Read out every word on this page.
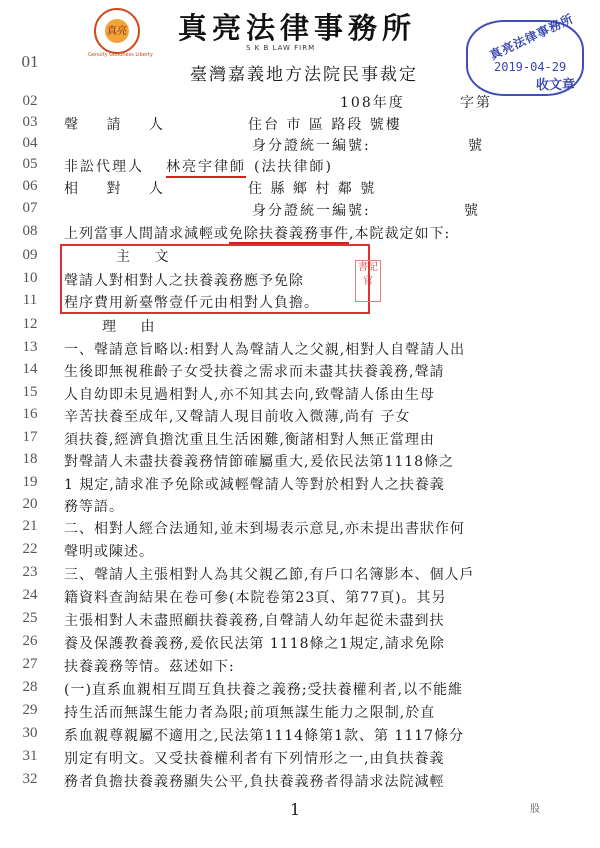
真亮
Genuity Goodness Liberty
真亮法律事務所
S K B LAW FIRM	真亮法律事務所
2019-04-29
收文章
01
02
03
04
05
06
07
08
09
10
11
12
13
14
15
16
17
18
19
20
21
22
23
24
25
26
27
28
29
30
31
32
臺灣嘉義地方法院民事裁定
108年度	字第
聲 請 人	住台 市 區 路段 號樓
身分證統一編號:	號
非訟代理人 林亮宇律師 (法扶律師)
相 對 人	住 縣 鄉 村 鄰 號
身分證統一編號:	號
上列當事人間請求減輕或免除扶養義務事件,本院裁定如下:
主 文
聲請人對相對人之扶養義務應予免除
程序費用新臺幣壹仟元由相對人負擔。
書記官
理 由
一、聲請意旨略以:相對人為聲請人之父親,相對人自聲請人出
生後即無視稚齡子女受扶養之需求而未盡其扶養義務,聲請
人自幼即未見過相對人,亦不知其去向,致聲請人係由生母
辛苦扶養至成年,又聲請人現目前收入微薄,尚有 子女
須扶養,經濟負擔沈重且生活困難,衡諸相對人無正當理由
對聲請人未盡扶養義務情節確屬重大,爰依民法第1118條之
1 規定,請求准予免除或減輕聲請人等對於相對人之扶養義
務等語。
二、相對人經合法通知,並未到場表示意見,亦未提出書狀作何
聲明或陳述。
三、聲請人主張相對人為其父親乙節,有戶口名簿影本、個人戶
籍資料查詢結果在卷可參(本院卷第23頁、第77頁)。其另
主張相對人未盡照顧扶養義務,自聲請人幼年起從未盡到扶
養及保護教養義務,爰依民法第 1118條之1規定,請求免除
扶養義務等情。茲述如下:
(一)直系血親相互間互負扶養之義務;受扶養權利者,以不能維
持生活而無謀生能力者為限;前項無謀生能力之限制,於直
系血親尊親屬不適用之,民法第1114條第1款、第 1117條分
別定有明文。又受扶養權利者有下列情形之一,由負扶養義
務者負擔扶養義務顯失公平,負扶養義務者得請求法院減輕
1	股
